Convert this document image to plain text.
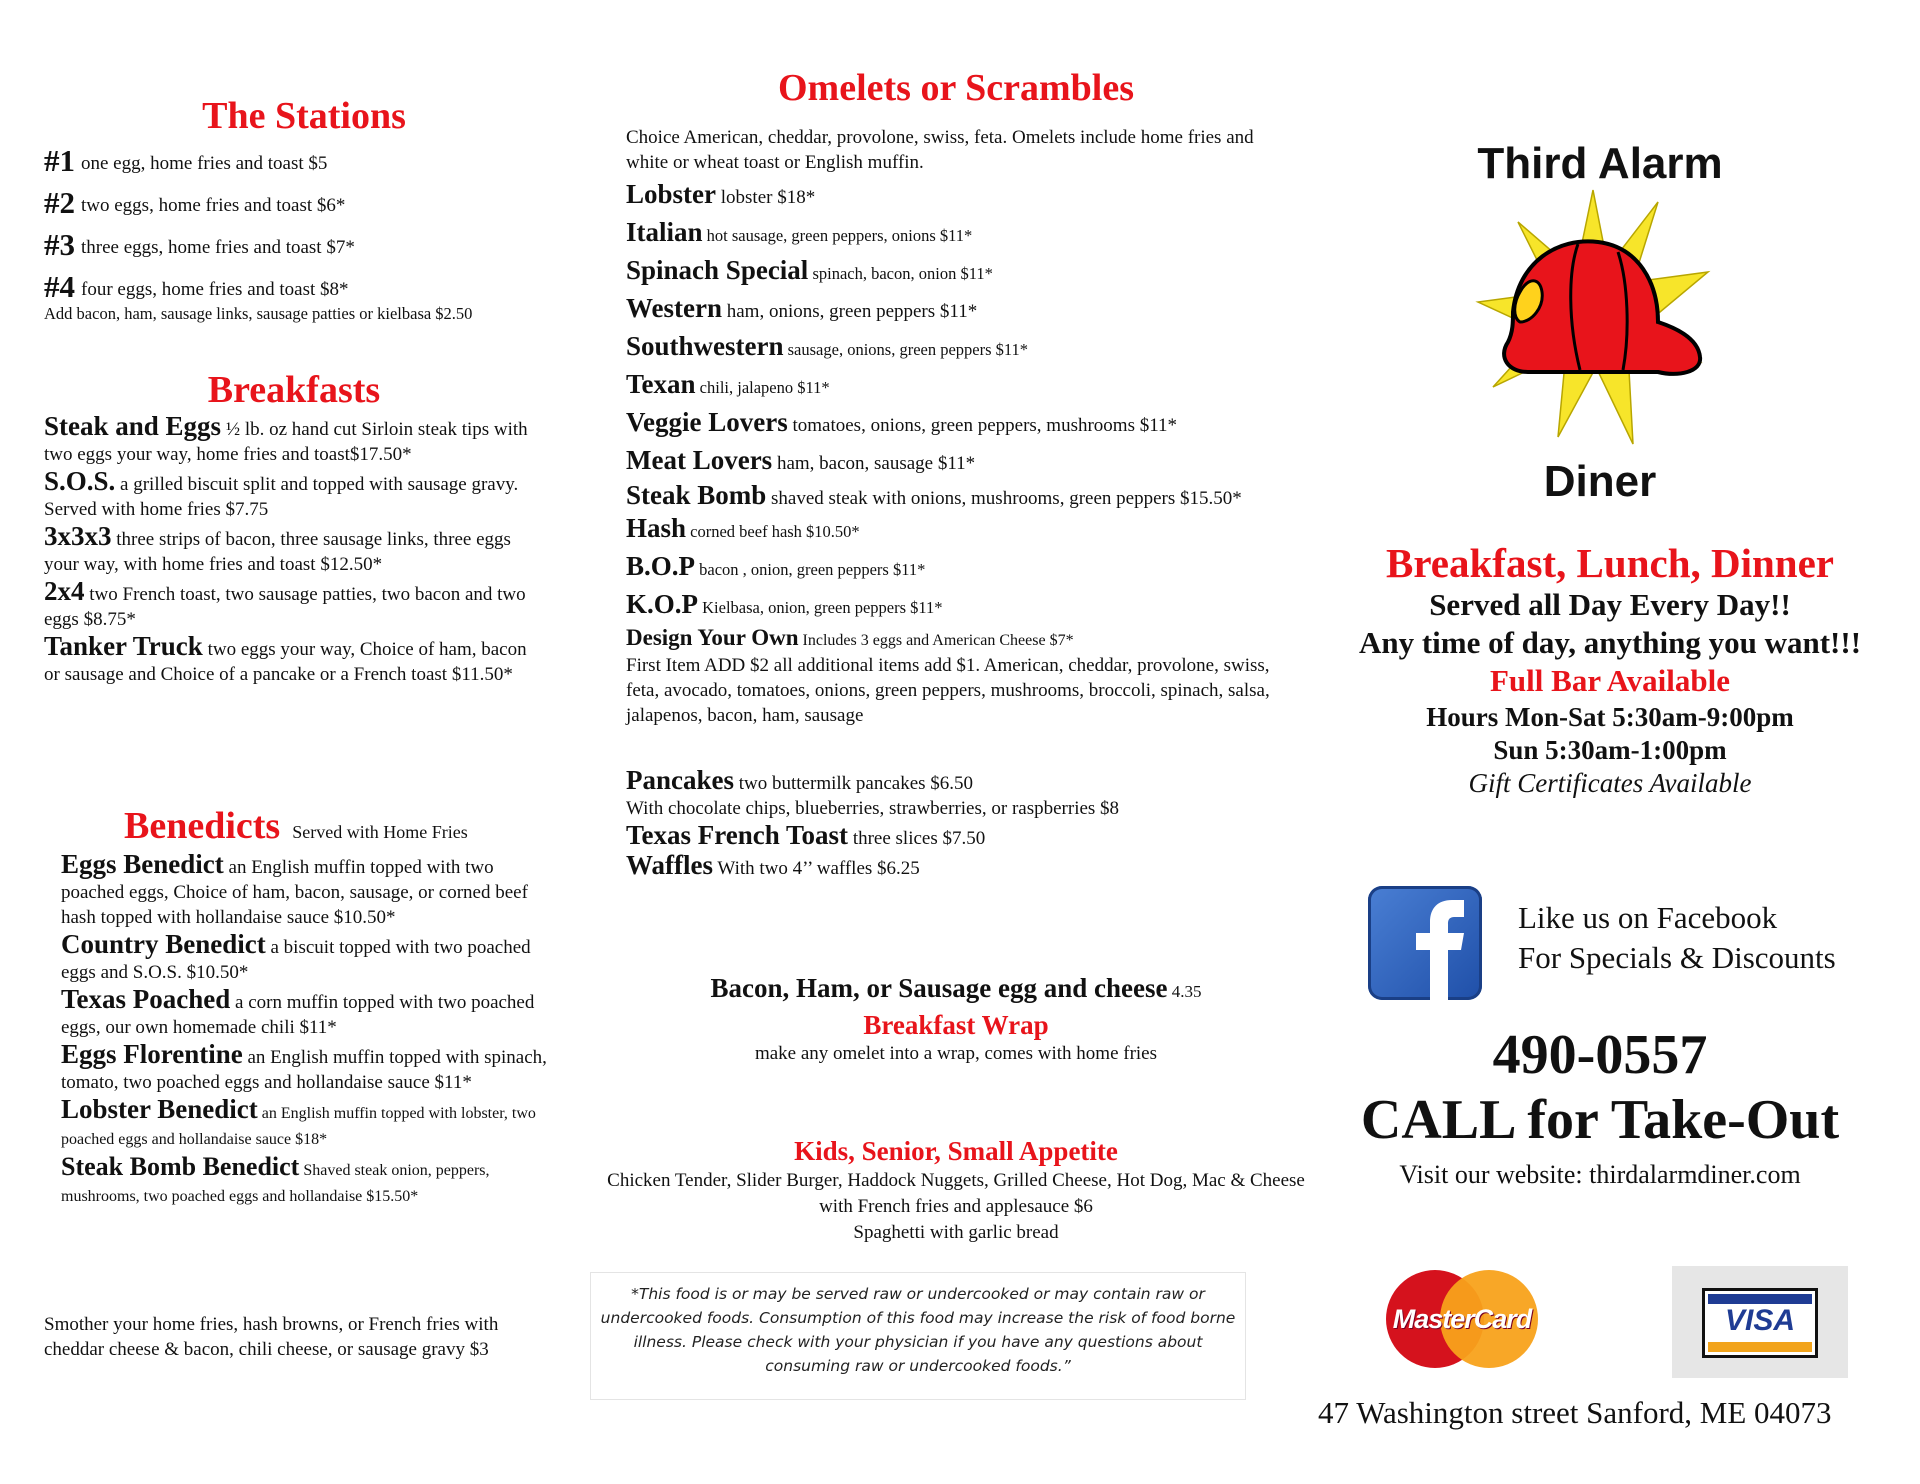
The Stations
#1 one egg, home fries and toast $5
#2 two eggs, home fries and toast $6*
#3 three eggs, home fries and toast $7*
#4 four eggs, home fries and toast $8*
Add bacon, ham, sausage links, sausage patties or kielbasa $2.50
Breakfasts
Steak and Eggs ½ lb. oz hand cut Sirloin steak tips with two eggs your way, home fries and toast$17.50*
S.O.S. a grilled biscuit split and topped with sausage gravy. Served with home fries $7.75
3x3x3 three strips of bacon, three sausage links, three eggs your way, with home fries and toast $12.50*
2x4 two French toast, two sausage patties, two bacon and two eggs $8.75*
Tanker Truck two eggs your way, Choice of ham, bacon or sausage and Choice of a pancake or a French toast $11.50*
Benedicts Served with Home Fries
Eggs Benedict an English muffin topped with two poached eggs, Choice of ham, bacon, sausage, or corned beef hash topped with hollandaise sauce $10.50*
Country Benedict a biscuit topped with two poached eggs and S.O.S. $10.50*
Texas Poached a corn muffin topped with two poached eggs, our own homemade chili $11*
Eggs Florentine an English muffin topped with spinach, tomato, two poached eggs and hollandaise sauce $11*
Lobster Benedict an English muffin topped with lobster, two poached eggs and hollandaise sauce $18*
Steak Bomb Benedict Shaved steak onion, peppers, mushrooms, two poached eggs and hollandaise $15.50*
Smother your home fries, hash browns, or French fries with cheddar cheese & bacon, chili cheese, or sausage gravy $3
Omelets or Scrambles
Choice American, cheddar, provolone, swiss, feta. Omelets include home fries and white or wheat toast or English muffin.
Lobster lobster $18*
Italian hot sausage, green peppers, onions $11*
Spinach Special spinach, bacon, onion $11*
Western ham, onions, green peppers $11*
Southwestern sausage, onions, green peppers $11*
Texan chili, jalapeno $11*
Veggie Lovers tomatoes, onions, green peppers, mushrooms $11*
Meat Lovers ham, bacon, sausage $11*
Steak Bomb shaved steak with onions, mushrooms, green peppers $15.50*
Hash corned beef hash $10.50*
B.O.P bacon , onion, green peppers $11*
K.O.P Kielbasa, onion, green peppers $11*
Design Your Own Includes 3 eggs and American Cheese $7*
First Item ADD $2 all additional items add $1. American, cheddar, provolone, swiss, feta, avocado, tomatoes, onions, green peppers, mushrooms, broccoli, spinach, salsa, jalapenos, bacon, ham, sausage
Pancakes two buttermilk pancakes $6.50
With chocolate chips, blueberries, strawberries, or raspberries $8
Texas French Toast three slices $7.50
Waffles With two 4’’ waffles $6.25
Bacon, Ham, or Sausage egg and cheese 4.35
Breakfast Wrap
make any omelet into a wrap, comes with home fries
Kids, Senior, Small Appetite
Chicken Tender, Slider Burger, Haddock Nuggets, Grilled Cheese, Hot Dog, Mac & Cheese with French fries and applesauce $6
Spaghetti with garlic bread
*This food is or may be served raw or undercooked or may contain raw or undercooked foods. Consumption of this food may increase the risk of food borne illness. Please check with your physician if you have any questions about consuming raw or undercooked foods.”
Third Alarm
Diner
Breakfast, Lunch, Dinner
Served all Day Every Day!!
Any time of day, anything you want!!!
Full Bar Available
Hours Mon-Sat 5:30am-9:00pm
Sun 5:30am-1:00pm
Gift Certificates Available
Like us on Facebook
For Specials & Discounts
490-0557
CALL for Take-Out
Visit our website: thirdalarmdiner.com
MasterCard	VISA
47 Washington street Sanford, ME 04073
